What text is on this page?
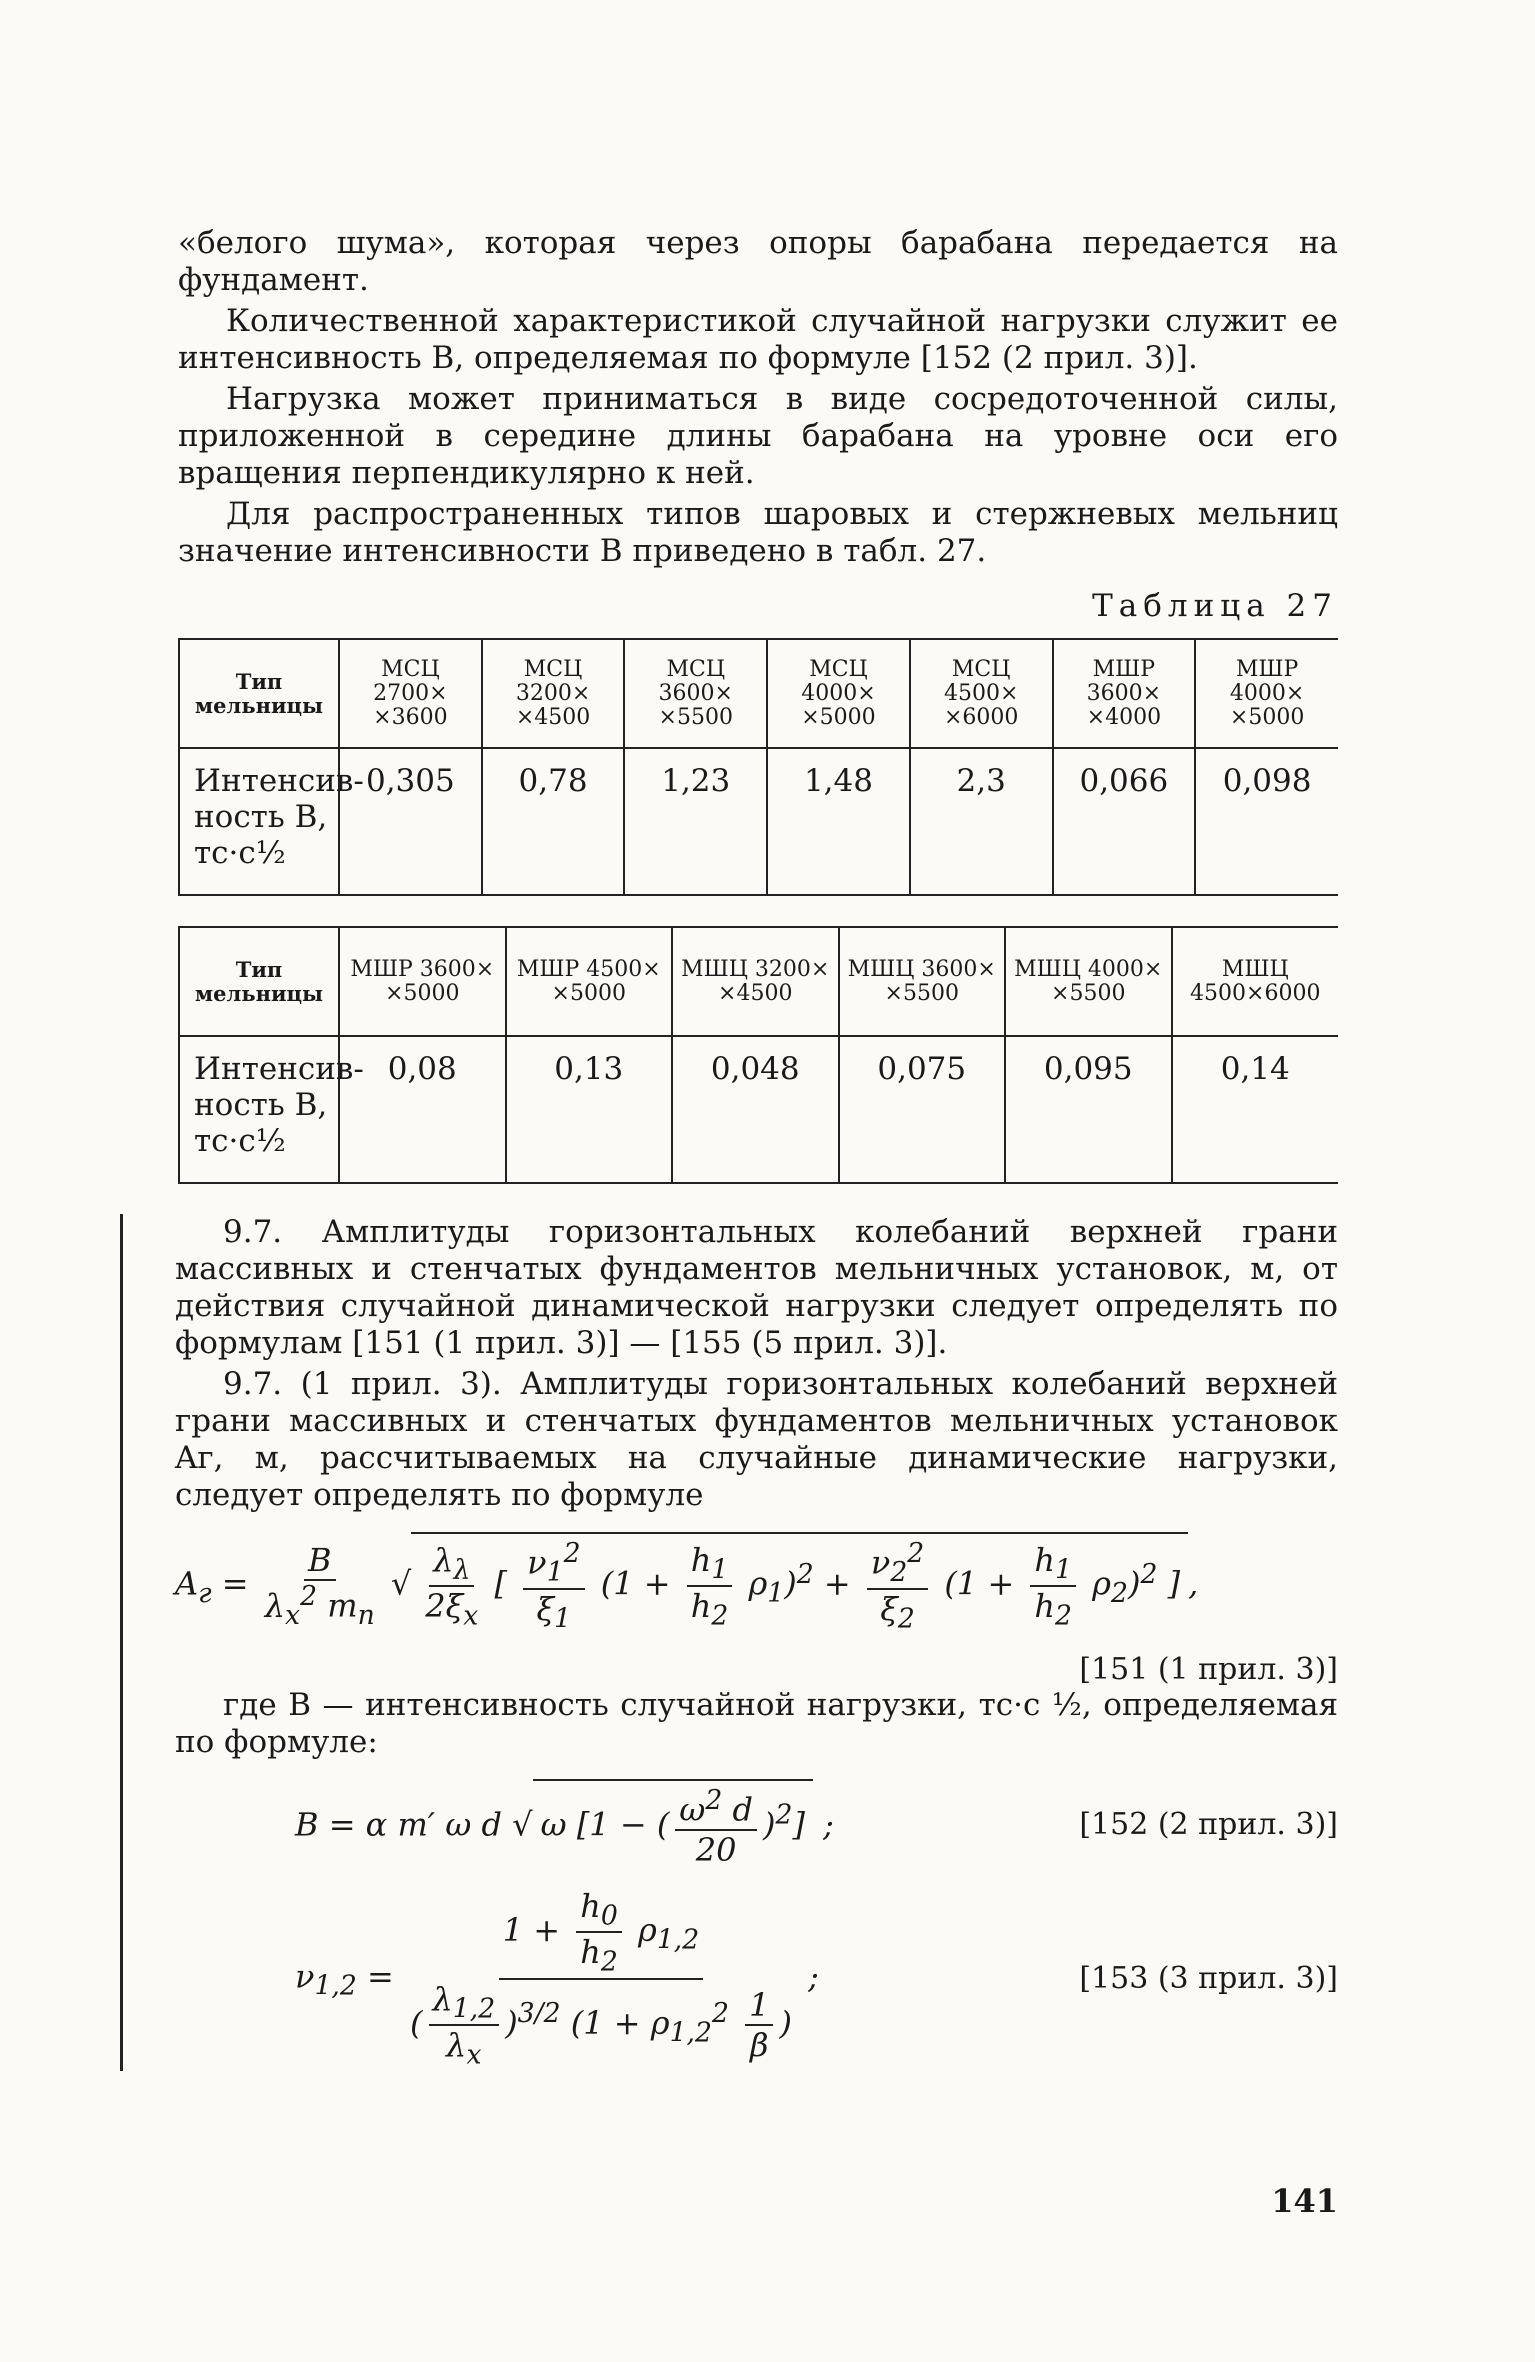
«белого шума», которая через опоры барабана передается на фундамент.

Количественной характеристикой случайной нагрузки служит ее интенсивность В, определяемая по формуле [152 (2 прил. 3)].

Нагрузка может приниматься в виде сосредоточенной силы, приложенной в середине длины барабана на уровне оси его вращения перпендикулярно к ней.

Для распространенных типов шаровых и стержневых мельниц значение интенсивности В приведено в табл. 27.

Таблица 27
Тип мельницы	МСЦ 2700× ×3600	МСЦ 3200× ×4500	МСЦ 3600× ×5500	МСЦ 4000× ×5000	МСЦ 4500× ×6000	МШР 3600× ×4000	МШР 4000× ×5000
Интенсив-ность В, тс·с½	0,305	0,78	1,23	1,48	2,3	0,066	0,098
Тип мельницы	МШР 3600× ×5000	МШР 4500× ×5000	МШЦ 3200× ×4500	МШЦ 3600× ×5500	МШЦ 4000× ×5500	МШЦ 4500×6000
Интенсив-ность В, тс·с½	0,08	0,13	0,048	0,075	0,095	0,14

9.7. Амплитуды горизонтальных колебаний верхней грани массивных и стенчатых фундаментов мельничных установок, м, от действия случайной динамической нагрузки следует определять по формулам [151 (1 прил. 3)] — [155 (5 прил. 3)].

9.7. (1 прил. 3). Амплитуды горизонтальных колебаний верхней грани массивных и стенчатых фундаментов мельничных установок Aг, м, рассчитываемых на случайные динамические нагрузки, следует определять по формуле

$A_г = \frac{B}{\lambda_x^2 m_п}$ √ $\frac{\lambda_\lambda}{2\xi_x}$ [ $\frac{\nu_1^2}{\xi_1} (1 + \frac{h_1}{h_2} \rho_1)^2 + \frac{\nu_2^2}{\xi_2} (1 + \frac{h_1}{h_2} \rho_2)^2$ ],
[151 (1 прил. 3)]

где B — интенсивность случайной нагрузки, тс·с ½, определяемая по формуле:

B = α m′ ω d √ ω [1 − ( $\frac{\omega^2 d}{20} )^2$] ;	[152 (2 прил. 3)]
$\nu_{1,2} = \frac{1 + \frac{h_0}{h_2} \rho_{1,2}}{( \frac{\lambda_{1,2}}{\lambda_x} )^{3/2} (1 + \rho_{1,2}^2 \frac{1}{\beta} )}$ ;	[153 (3 прил. 3)]
141
